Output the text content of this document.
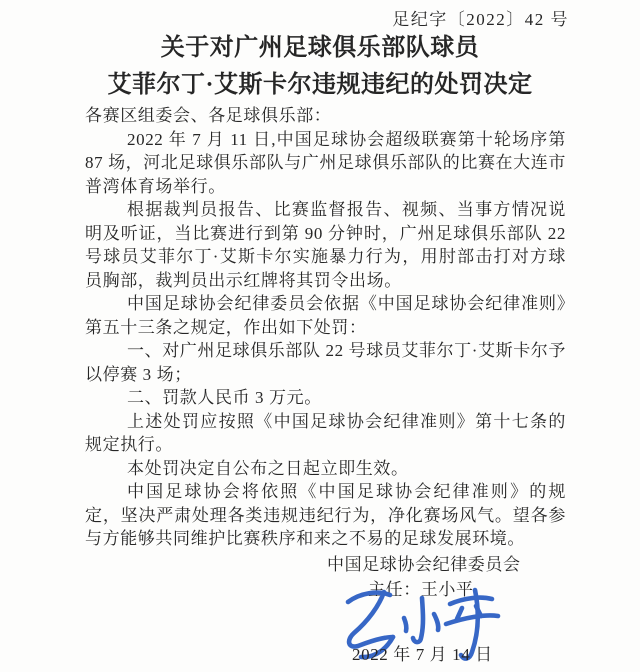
足纪字〔2022〕42 号
关于对广州足球俱乐部队球员
艾菲尔丁·艾斯卡尔违规违纪的处罚决定

各赛区组委会、各足球俱乐部：

2022 年 7 月 11 日,中国足球协会超级联赛第十轮场序第 87 场，河北足球俱乐部队与广州足球俱乐部队的比赛在大连市普湾体育场举行。

根据裁判员报告、比赛监督报告、视频、当事方情况说明及听证，当比赛进行到第 90 分钟时，广州足球俱乐部队 22 号球员艾菲尔丁·艾斯卡尔实施暴力行为，用肘部击打对方球员胸部，裁判员出示红牌将其罚令出场。

中国足球协会纪律委员会依据《中国足球协会纪律准则》第五十三条之规定，作出如下处罚：

一、对广州足球俱乐部队 22 号球员艾菲尔丁·艾斯卡尔予以停赛 3 场；

二、罚款人民币 3 万元。

上述处罚应按照《中国足球协会纪律准则》第十七条的规定执行。

本处罚决定自公布之日起立即生效。

中国足球协会将依照《中国足球协会纪律准则》的规定，坚决严肃处理各类违规违纪行为，净化赛场风气。望各参与方能够共同维护比赛秩序和来之不易的足球发展环境。

中国足球协会纪律委员会
主任：王小平
2022 年 7 月 14 日
